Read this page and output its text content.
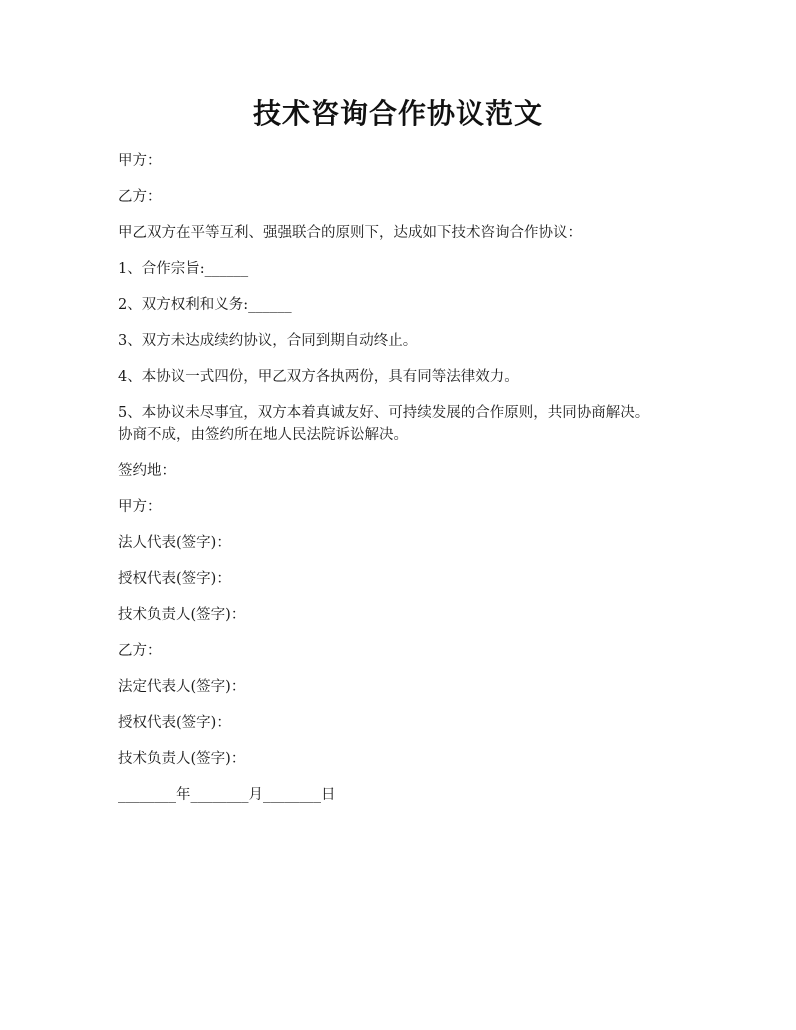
技术咨询合作协议范文

甲方：

乙方：

甲乙双方在平等互利、强强联合的原则下，达成如下技术咨询合作协议：

1、合作宗旨:______

2、双方权利和义务:______

3、双方未达成续约协议，合同到期自动终止。

4、本协议一式四份，甲乙双方各执两份，具有同等法律效力。

5、本协议未尽事宜，双方本着真诚友好、可持续发展的合作原则，共同协商解决。协商不成，由签约所在地人民法院诉讼解决。

签约地：

甲方：

法人代表(签字)：

授权代表(签字)：

技术负责人(签字)：

乙方：

法定代表人(签字)：

授权代表(签字)：

技术负责人(签字)：

________年________月________日
